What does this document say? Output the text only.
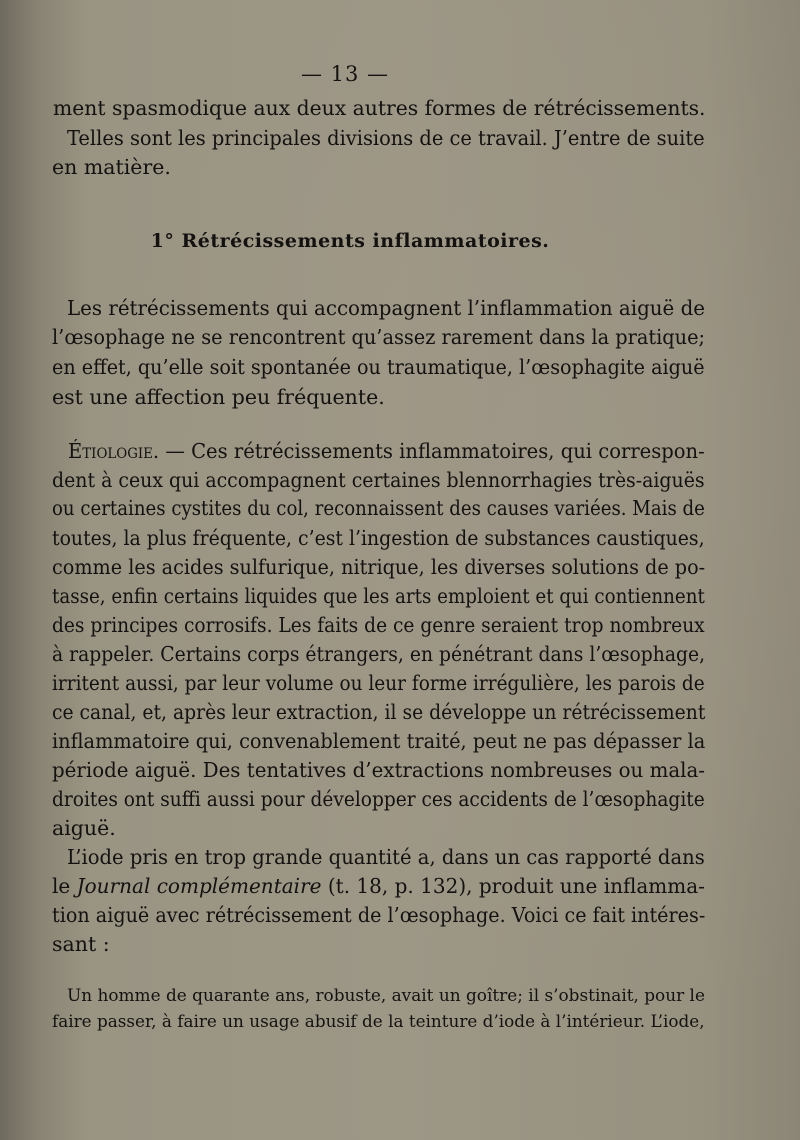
— 13 —
ment spasmodique aux deux autres formes de rétrécissements.
Telles sont les principales divisions de ce travail. J’entre de suite
en matière.
1° Rétrécissements inflammatoires.
Les rétrécissements qui accompagnent l’inflammation aiguë de
l’œsophage ne se rencontrent qu’assez rarement dans la pratique;
en effet, qu’elle soit spontanée ou traumatique, l’œsophagite aiguë
est une affection peu fréquente.
Étiologie. — Ces rétrécissements inflammatoires, qui correspon-
dent à ceux qui accompagnent certaines blennorrhagies très-aiguës
ou certaines cystites du col, reconnaissent des causes variées. Mais de
toutes, la plus fréquente, c’est l’ingestion de substances caustiques,
comme les acides sulfurique, nitrique, les diverses solutions de po-
tasse, enfin certains liquides que les arts emploient et qui contiennent
des principes corrosifs. Les faits de ce genre seraient trop nombreux
à rappeler. Certains corps étrangers, en pénétrant dans l’œsophage,
irritent aussi, par leur volume ou leur forme irrégulière, les parois de
ce canal, et, après leur extraction, il se développe un rétrécissement
inflammatoire qui, convenablement traité, peut ne pas dépasser la
période aiguë. Des tentatives d’extractions nombreuses ou mala-
droites ont suffi aussi pour développer ces accidents de l’œsophagite
aiguë.
L’iode pris en trop grande quantité a, dans un cas rapporté dans
le Journal complémentaire (t. 18, p. 132), produit une inflamma-
tion aiguë avec rétrécissement de l’œsophage. Voici ce fait intéres-
sant :
Un homme de quarante ans, robuste, avait un goître; il s’obstinait, pour le
faire passer, à faire un usage abusif de la teinture d’iode à l’intérieur. L’iode,
